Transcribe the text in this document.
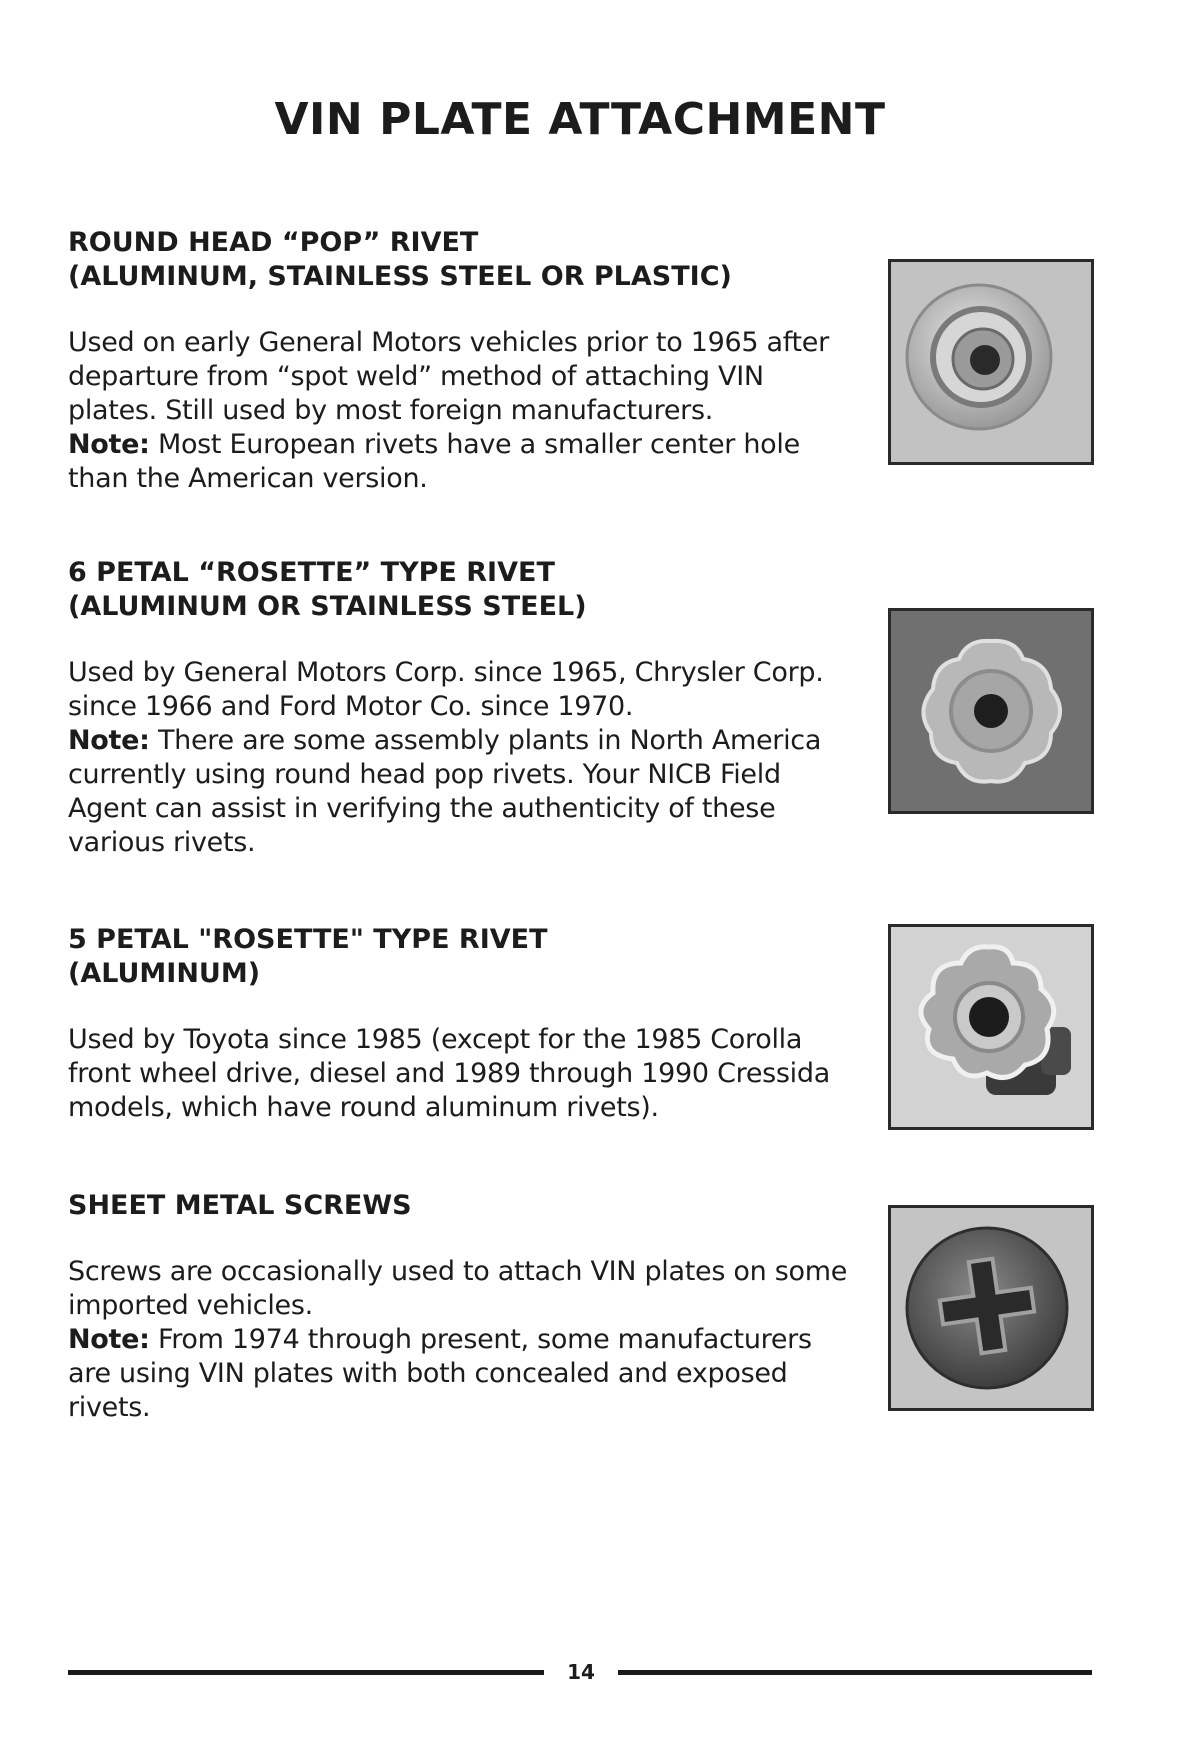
VIN PLATE ATTACHMENT
ROUND HEAD “POP” RIVET
(ALUMINUM, STAINLESS STEEL OR PLASTIC)

Used on early General Motors vehicles prior to 1965 after departure from “spot weld” method of attaching VIN plates. Still used by most foreign manufacturers.
Note: Most European rivets have a smaller center hole than the American version.

6 PETAL “ROSETTE” TYPE RIVET
(ALUMINUM OR STAINLESS STEEL)

Used by General Motors Corp. since 1965, Chrysler Corp. since 1966 and Ford Motor Co. since 1970.
Note: There are some assembly plants in North America currently using round head pop rivets. Your NICB Field Agent can assist in verifying the authenticity of these various rivets.

5 PETAL "ROSETTE" TYPE RIVET
(ALUMINUM)

Used by Toyota since 1985 (except for the 1985 Corolla front wheel drive, diesel and 1989 through 1990 Cressida models, which have round aluminum rivets).

SHEET METAL SCREWS

Screws are occasionally used to attach VIN plates on some imported vehicles.
Note: From 1974 through present, some manufacturers are using VIN plates with both concealed and exposed rivets.

14
